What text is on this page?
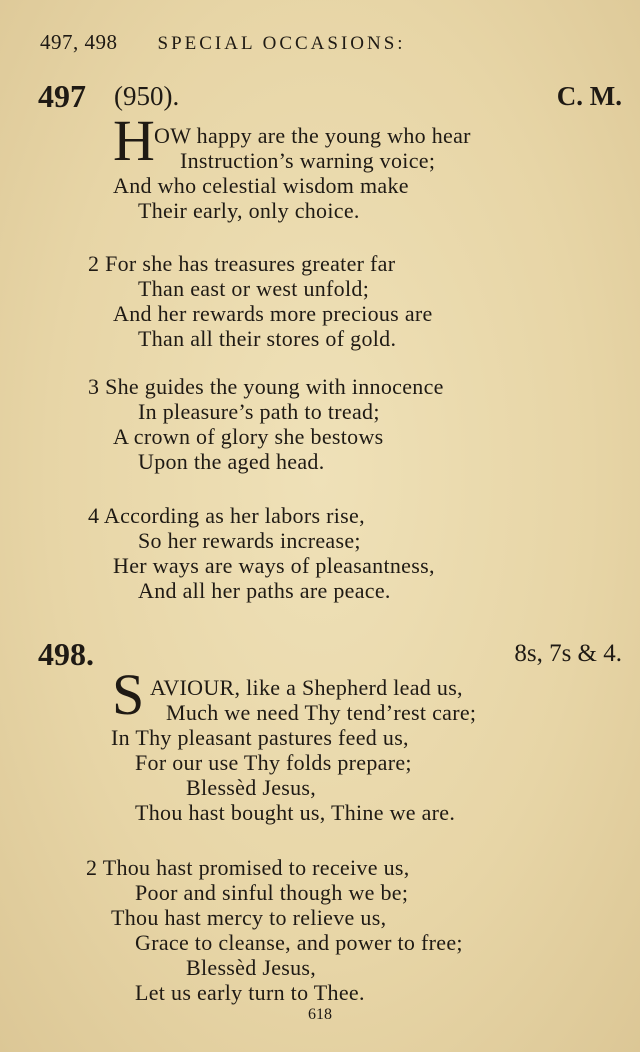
497, 498 SPECIAL OCCASIONS:
497 (950).	C. M.
H OW happy are the young who hear
Instruction’s warning voice;
And who celestial wisdom make
Their early, only choice.
2 For she has treasures greater far
Than east or west unfold;
And her rewards more precious are
Than all their stores of gold.
3 She guides the young with innocence
In pleasure’s path to tread;
A crown of glory she bestows
Upon the aged head.
4 According as her labors rise,
So her rewards increase;
Her ways are ways of pleasantness,
And all her paths are peace.
498.	8s, 7s & 4.
S AVIOUR, like a Shepherd lead us,
Much we need Thy tend’rest care;
In Thy pleasant pastures feed us,
For our use Thy folds prepare;
Blessèd Jesus,
Thou hast bought us, Thine we are.
2 Thou hast promised to receive us,
Poor and sinful though we be;
Thou hast mercy to relieve us,
Grace to cleanse, and power to free;
Blessèd Jesus,
Let us early turn to Thee.
618
